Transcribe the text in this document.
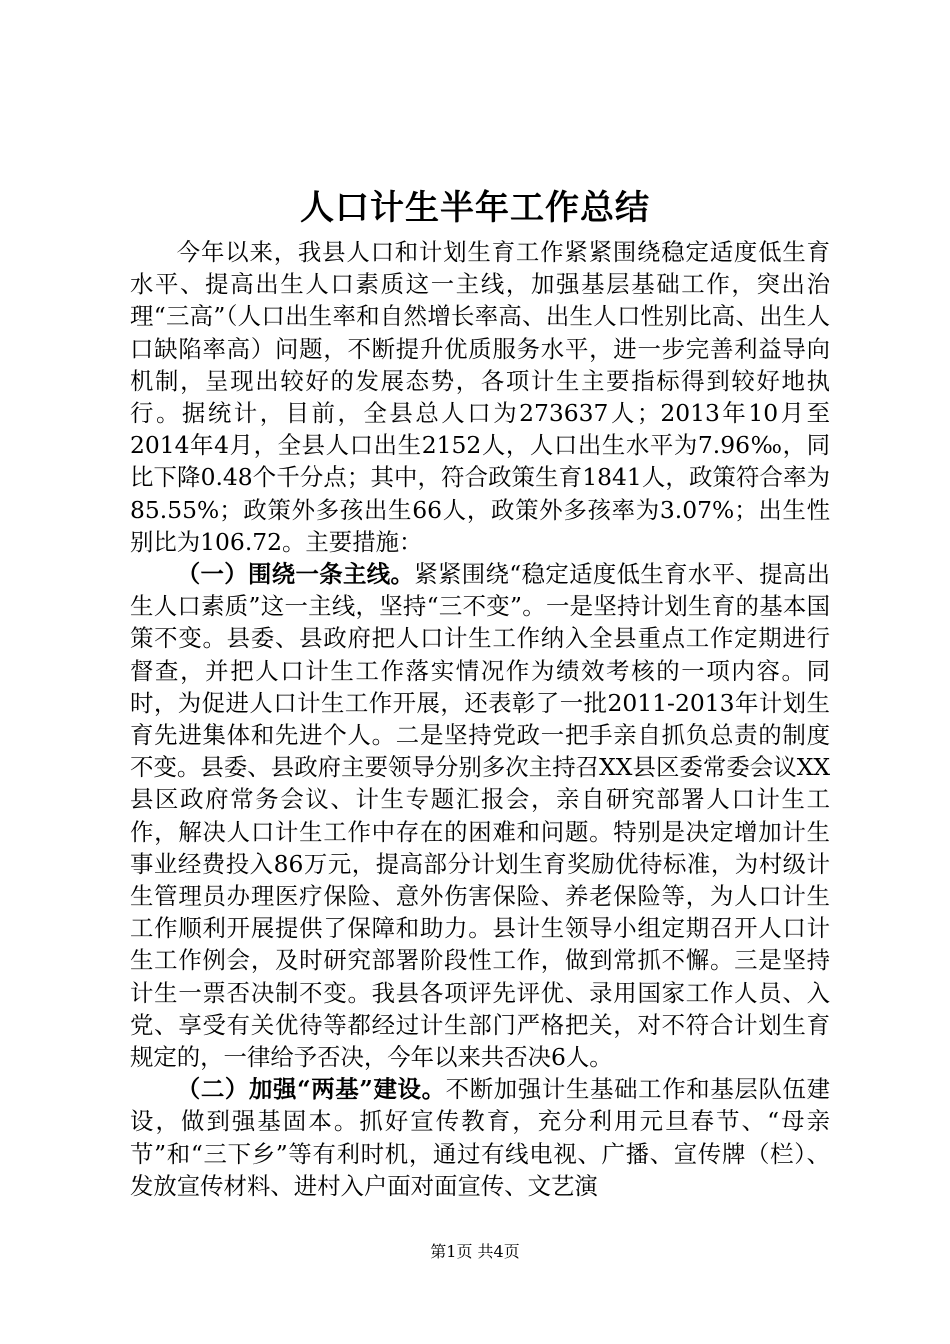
人口计生半年工作总结

今年以来，我县人口和计划生育工作紧紧围绕稳定适度低生育水平、提高出生人口素质这一主线，加强基层基础工作，突出治理“三高”（人口出生率和自然增长率高、出生人口性别比高、出生人口缺陷率高）问题，不断提升优质服务水平，进一步完善利益导向机制，呈现出较好的发展态势，各项计生主要指标得到较好地执行。据统计，目前，全县总人口为273637人；2013年10月至2014年4月，全县人口出生2152人，人口出生水平为7.96‰，同比下降0.48个千分点；其中，符合政策生育1841人，政策符合率为85.55%；政策外多孩出生66人，政策外多孩率为3.07%；出生性别比为106.72。主要措施：

（一）围绕一条主线。紧紧围绕“稳定适度低生育水平、提高出生人口素质”这一主线，坚持“三不变”。一是坚持计划生育的基本国策不变。县委、县政府把人口计生工作纳入全县重点工作定期进行督查，并把人口计生工作落实情况作为绩效考核的一项内容。同时，为促进人口计生工作开展，还表彰了一批2011-2013年计划生育先进集体和先进个人。二是坚持党政一把手亲自抓负总责的制度不变。县委、县政府主要领导分别多次主持召XX县区委常委会议XX县区政府常务会议、计生专题汇报会，亲自研究部署人口计生工作，解决人口计生工作中存在的困难和问题。特别是决定增加计生事业经费投入86万元，提高部分计划生育奖励优待标准，为村级计生管理员办理医疗保险、意外伤害保险、养老保险等，为人口计生工作顺利开展提供了保障和助力。县计生领导小组定期召开人口计生工作例会，及时研究部署阶段性工作，做到常抓不懈。三是坚持计生一票否决制不变。我县各项评先评优、录用国家工作人员、入党、享受有关优待等都经过计生部门严格把关，对不符合计划生育规定的，一律给予否决，今年以来共否决6人。

（二）加强“两基”建设。不断加强计生基础工作和基层队伍建设，做到强基固本。抓好宣传教育，充分利用元旦春节、“母亲节”和“三下乡”等有利时机，通过有线电视、广播、宣传牌（栏）、发放宣传材料、进村入户面对面宣传、文艺演

第1页 共4页
